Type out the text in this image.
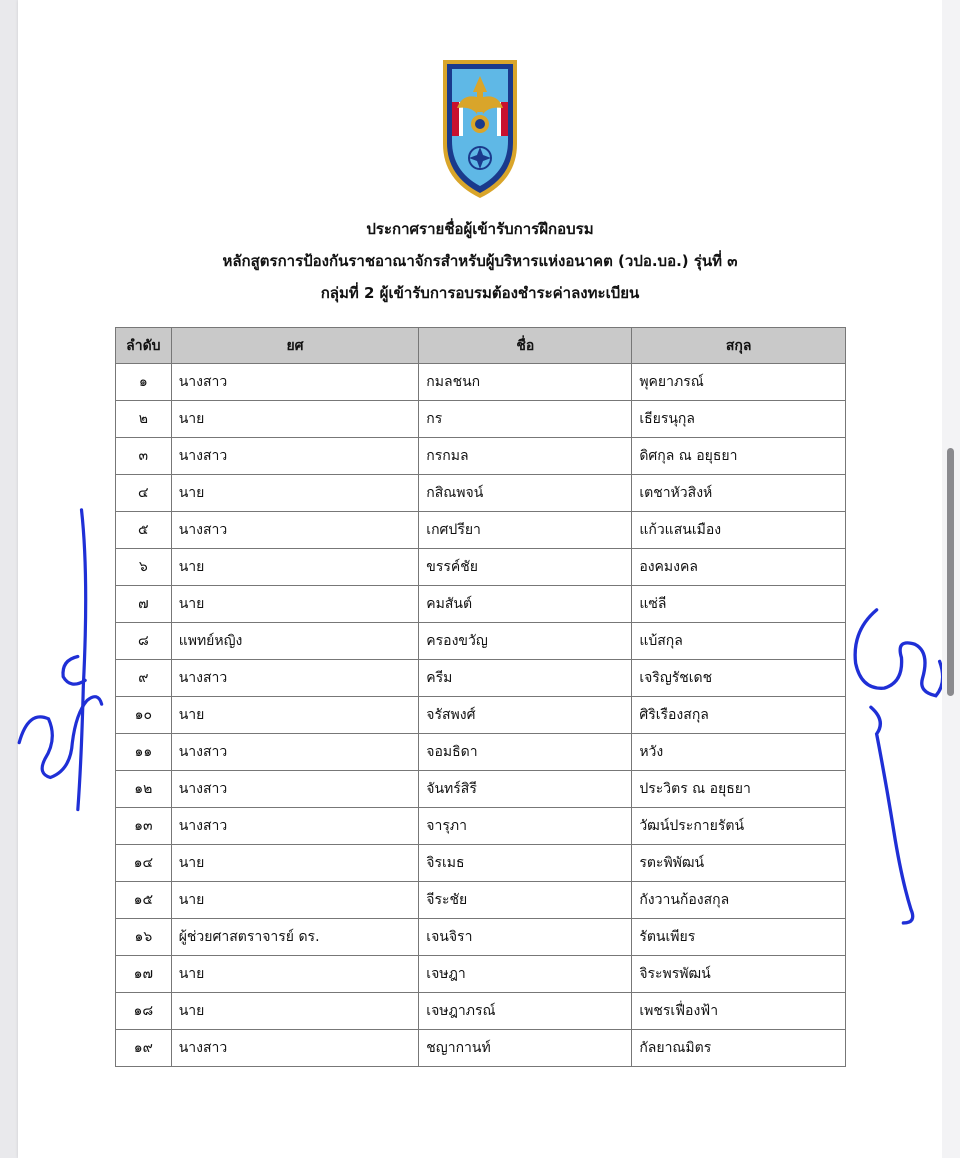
ประกาศรายชื่อผู้เข้ารับการฝึกอบรม
หลักสูตรการป้องกันราชอาณาจักรสำหรับผู้บริหารแห่งอนาคต (วปอ.บอ.) รุ่นที่ ๓
กลุ่มที่ 2 ผู้เข้ารับการอบรมต้องชำระค่าลงทะเบียน
ลำดับ	ยศ	ชื่อ	สกุล
๑	นางสาว	กมลชนก	พุคยาภรณ์
๒	นาย	กร	เธียรนุกุล
๓	นางสาว	กรกมล	ดิศกุล ณ อยุธยา
๔	นาย	กสิณพจน์	เตชาหัวสิงห์
๕	นางสาว	เกศปรียา	แก้วแสนเมือง
๖	นาย	ขรรค์ชัย	องคมงคล
๗	นาย	คมสันต์	แซ่ลี
๘	แพทย์หญิง	ครองขวัญ	แบ้สกุล
๙	นางสาว	ครีม	เจริญรัชเดช
๑๐	นาย	จรัสพงศ์	ศิริเรืองสกุล
๑๑	นางสาว	จอมธิดา	หวัง
๑๒	นางสาว	จันทร์สิรี	ประวิตร ณ อยุธยา
๑๓	นางสาว	จารุภา	วัฒน์ประกายรัตน์
๑๔	นาย	จิรเมธ	รตะพิพัฒน์
๑๕	นาย	จีระชัย	กังวานก้องสกุล
๑๖	ผู้ช่วยศาสตราจารย์ ดร.	เจนจิรา	รัตนเพียร
๑๗	นาย	เจษฎา	จิระพรพัฒน์
๑๘	นาย	เจษฎาภรณ์	เพชรเฟื่องฟ้า
๑๙	นางสาว	ชญากานท์	กัลยาณมิตร
